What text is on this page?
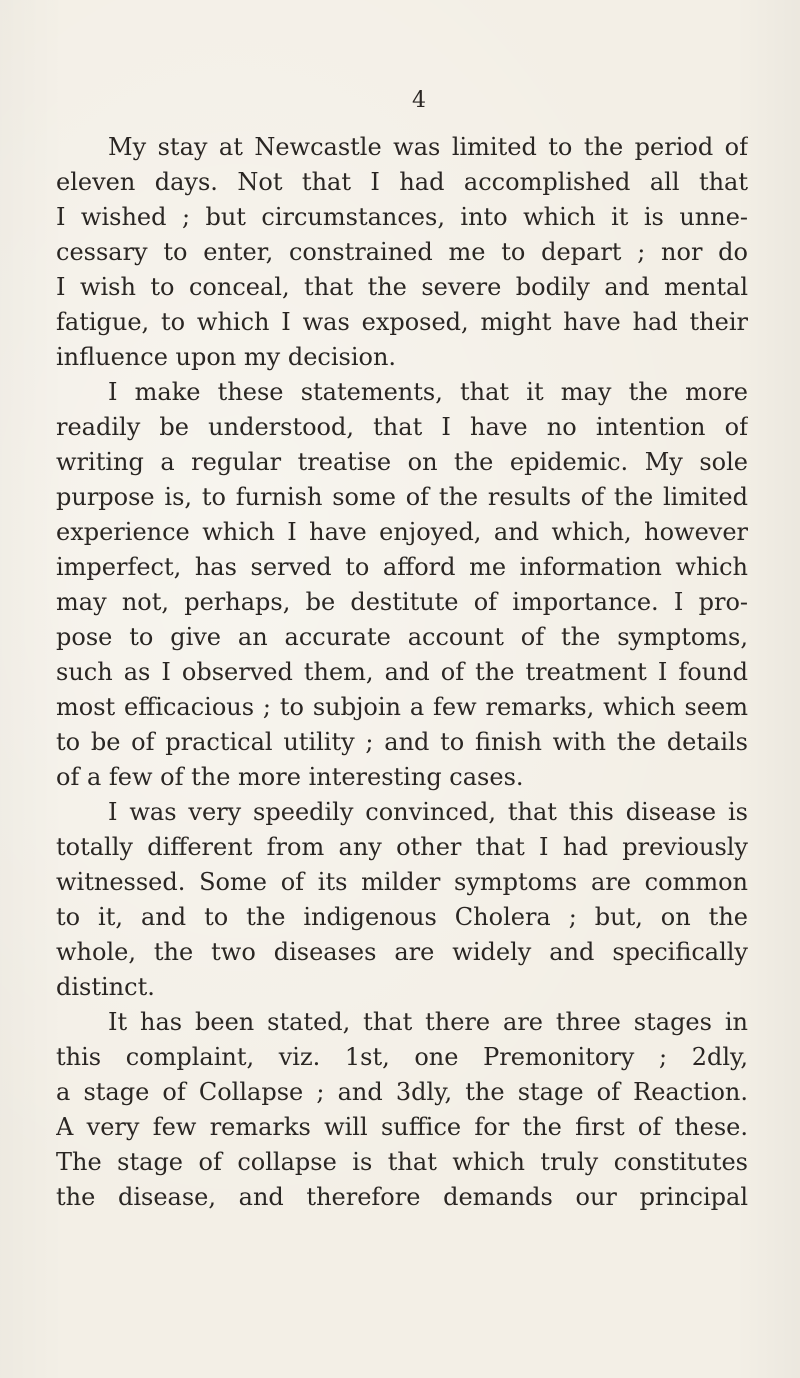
4
My stay at Newcastle was limited to the period of
eleven days. Not that I had accomplished all that
I wished ; but circumstances, into which it is unne-
cessary to enter, constrained me to depart ; nor do
I wish to conceal, that the severe bodily and mental
fatigue, to which I was exposed, might have had their
influence upon my decision.
I make these statements, that it may the more
readily be understood, that I have no intention of
writing a regular treatise on the epidemic. My sole
purpose is, to furnish some of the results of the limited
experience which I have enjoyed, and which, however
imperfect, has served to afford me information which
may not, perhaps, be destitute of importance. I pro-
pose to give an accurate account of the symptoms,
such as I observed them, and of the treatment I found
most efficacious ; to subjoin a few remarks, which seem
to be of practical utility ; and to finish with the details
of a few of the more interesting cases.
I was very speedily convinced, that this disease is
totally different from any other that I had previously
witnessed. Some of its milder symptoms are common
to it, and to the indigenous Cholera ; but, on the
whole, the two diseases are widely and specifically
distinct.
It has been stated, that there are three stages in
this complaint, viz. 1st, one Premonitory ; 2dly,
a stage of Collapse ; and 3dly, the stage of Reaction.
A very few remarks will suffice for the first of these.
The stage of collapse is that which truly constitutes
the disease, and therefore demands our principal
